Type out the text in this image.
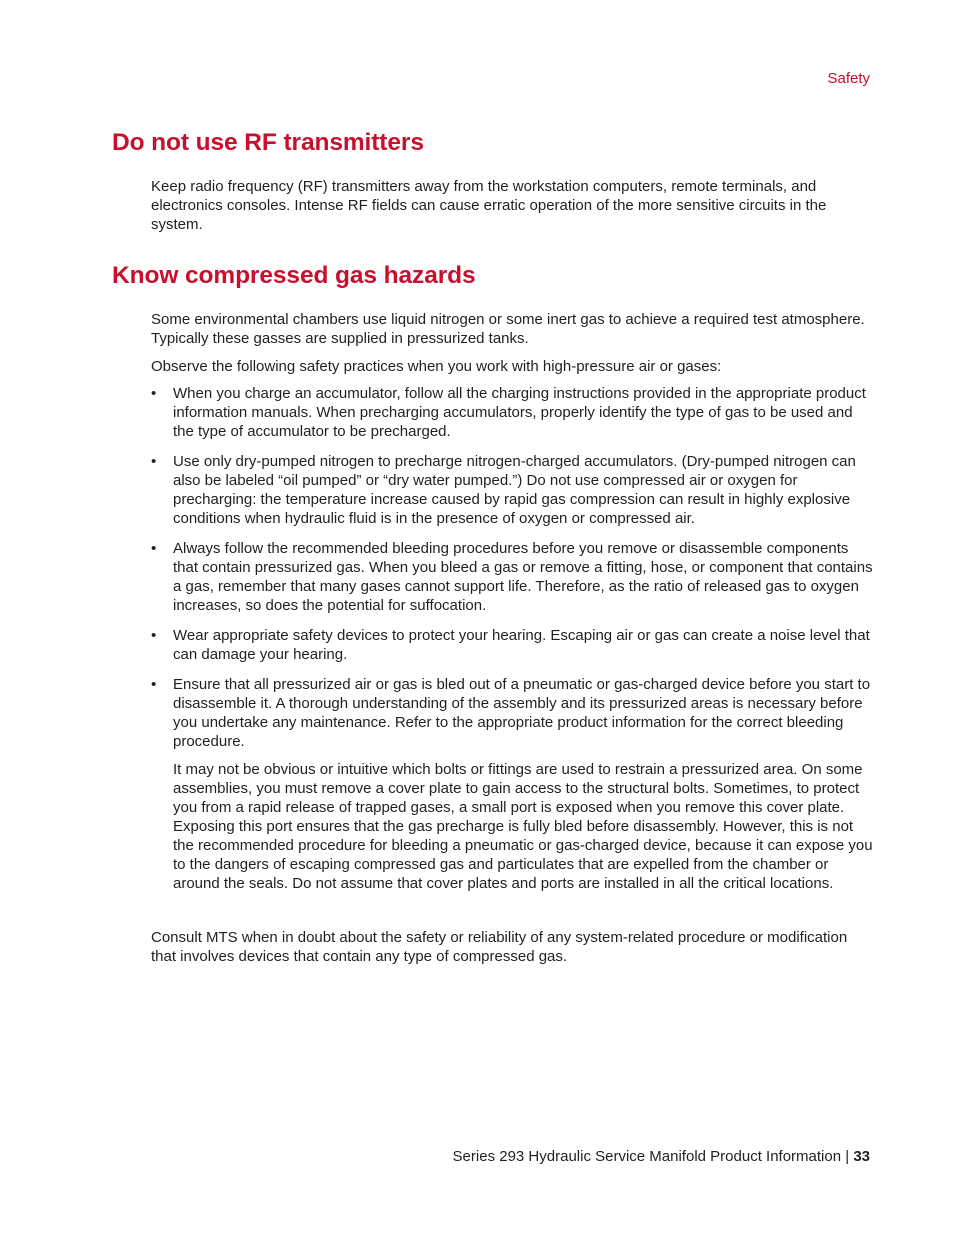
Safety
Do not use RF transmitters

Keep radio frequency (RF) transmitters away from the workstation computers, remote terminals, and electronics consoles. Intense RF fields can cause erratic operation of the more sensitive circuits in the system.

Know compressed gas hazards

Some environmental chambers use liquid nitrogen or some inert gas to achieve a required test atmosphere. Typically these gasses are supplied in pressurized tanks.

Observe the following safety practices when you work with high-pressure air or gases:

• When you charge an accumulator, follow all the charging instructions provided in the appropriate product information manuals. When precharging accumulators, properly identify the type of gas to be used and the type of accumulator to be precharged.
• Use only dry-pumped nitrogen to precharge nitrogen-charged accumulators. (Dry-pumped nitrogen can also be labeled “oil pumped” or “dry water pumped.”) Do not use compressed air or oxygen for precharging: the temperature increase caused by rapid gas compression can result in highly explosive conditions when hydraulic fluid is in the presence of oxygen or compressed air.
• Always follow the recommended bleeding procedures before you remove or disassemble components that contain pressurized gas. When you bleed a gas or remove a fitting, hose, or component that contains a gas, remember that many gases cannot support life. Therefore, as the ratio of released gas to oxygen increases, so does the potential for suffocation.
• Wear appropriate safety devices to protect your hearing. Escaping air or gas can create a noise level that can damage your hearing.
• Ensure that all pressurized air or gas is bled out of a pneumatic or gas-charged device before you start to disassemble it. A thorough understanding of the assembly and its pressurized areas is necessary before you undertake any maintenance. Refer to the appropriate product information for the correct bleeding procedure.

It may not be obvious or intuitive which bolts or fittings are used to restrain a pressurized area. On some assemblies, you must remove a cover plate to gain access to the structural bolts. Sometimes, to protect you from a rapid release of trapped gases, a small port is exposed when you remove this cover plate. Exposing this port ensures that the gas precharge is fully bled before disassembly. However, this is not the recommended procedure for bleeding a pneumatic or gas-charged device, because it can expose you to the dangers of escaping compressed gas and particulates that are expelled from the chamber or around the seals. Do not assume that cover plates and ports are installed in all the critical locations.

Consult MTS when in doubt about the safety or reliability of any system-related procedure or modification that involves devices that contain any type of compressed gas.

Series 293 Hydraulic Service Manifold Product Information | 33
